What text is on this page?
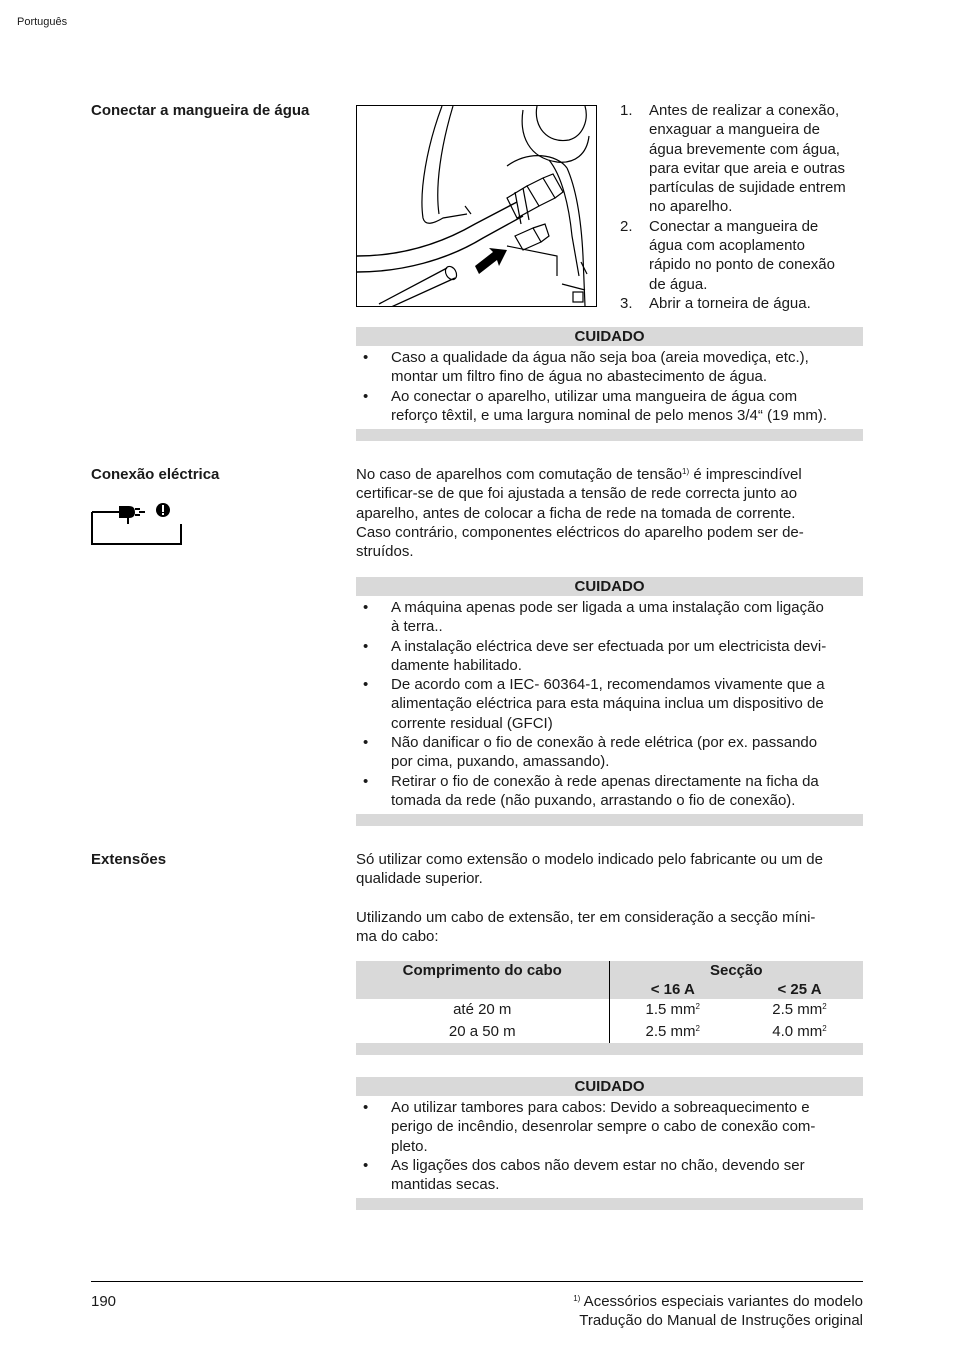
Português
Conectar a mangueira de água	1. Antes de realizar a conexão,
enxaguar a mangueira de
água brevemente com água,
para evitar que areia e outras
partículas de sujidade entrem
no aparelho.
2. Conectar a mangueira de
água com acoplamento
rápido no ponto de conexão
de água.
3. Abrir a torneira de água.
CUIDADO
• Caso a qualidade da água não seja boa (areia movediça, etc.),
montar um filtro fino de água no abastecimento de água.
• Ao conectar o aparelho, utilizar uma mangueira de água com
reforço têxtil, e uma largura nominal de pelo menos 3/4“ (19 mm).
Conexão eléctrica	No caso de aparelhos com comutação de tensão$^{1)}$ é imprescindível
certificar-se de que foi ajustada a tensão de rede correcta junto ao
aparelho, antes de colocar a ficha de rede na tomada de corrente.
Caso contrário, componentes eléctricos do aparelho podem ser de-
struídos.
CUIDADO
• A máquina apenas pode ser ligada a uma instalação com ligação
à terra..
• A instalação eléctrica deve ser efectuada por um electricista devi-
damente habilitado.
• De acordo com a IEC- 60364-1, recomendamos vivamente que a
alimentação eléctrica para esta máquina inclua um dispositivo de
corrente residual (GFCI)
• Não danificar o fio de conexão à rede elétrica (por ex. passando
por cima, puxando, amassando).
• Retirar o fio de conexão à rede apenas directamente na ficha da
tomada da rede (não puxando, arrastando o fio de conexão).
Extensões	Só utilizar como extensão o modelo indicado pelo fabricante ou um de
qualidade superior.
Utilizando um cabo de extensão, ter em consideração a secção míni-
ma do cabo:
Comprimento do cabo	Secção	
	< 16 A	< 25 A
até 20 m	1.5 $mm^2$	2.5 $mm^2$
20 a 50 m	2.5 $mm^2$	4.0 $mm^2$
CUIDADO
• Ao utilizar tambores para cabos: Devido a sobreaquecimento e
perigo de incêndio, desenrolar sempre o cabo de conexão com-
pleto.
• As ligações dos cabos não devem estar no chão, devendo ser
mantidas secas.
190	$^{1)}$ Acessórios especiais variantes do modelo
Tradução do Manual de Instruções original
